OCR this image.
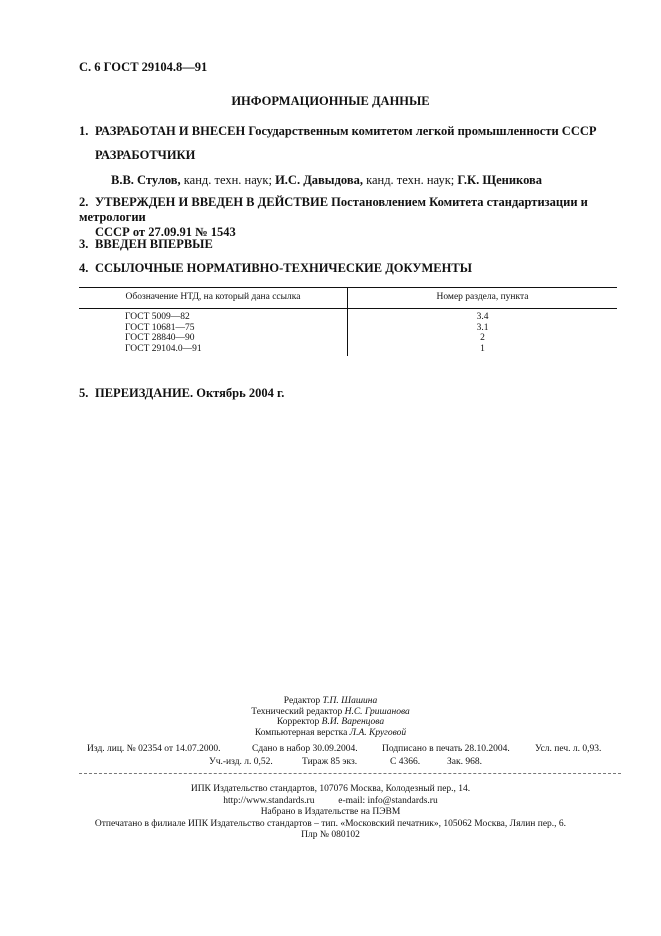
С. 6 ГОСТ 29104.8—91
ИНФОРМАЦИОННЫЕ ДАННЫЕ
1. РАЗРАБОТАН И ВНЕСЕН Государственным комитетом легкой промышленности СССР
РАЗРАБОТЧИКИ
В.В. Стулов, канд. техн. наук; И.С. Давыдова, канд. техн. наук; Г.К. Щеникова
2. УТВЕРЖДЕН И ВВЕДЕН В ДЕЙСТВИЕ Постановлением Комитета стандартизации и метрологии
СССР от 27.09.91 № 1543
3. ВВЕДЕН ВПЕРВЫЕ
4. ССЫЛОЧНЫЕ НОРМАТИВНО-ТЕХНИЧЕСКИЕ ДОКУМЕНТЫ
Обозначение НТД, на который дана ссылка	Номер раздела, пункта
ГОСТ 5009—82	3.4
ГОСТ 10681—75	3.1
ГОСТ 28840—90	2
ГОСТ 29104.0—91	1
5. ПЕРЕИЗДАНИЕ. Октябрь 2004 г.
Редактор Т.П. Шашина
Технический редактор Н.С. Гришанова
Корректор В.И. Варенцова
Компьютерная верстка Л.А. Круговой
Изд. лиц. № 02354 от 14.07.2000.	Сдано в набор 30.09.2004.	Подписано в печать 28.10.2004.	Усл. печ. л. 0,93.
Уч.-изд. л. 0,52.	Тираж 85 экз.	С 4366.	Зак. 968.
ИПК Издательство стандартов, 107076 Москва, Колодезный пер., 14.
http://www.standards.ru          e-mail: info@standards.ru
Набрано в Издательстве на ПЭВМ
Отпечатано в филиале ИПК Издательство стандартов – тип. «Московский печатник», 105062 Москва, Лялин пер., 6.
Плр № 080102
